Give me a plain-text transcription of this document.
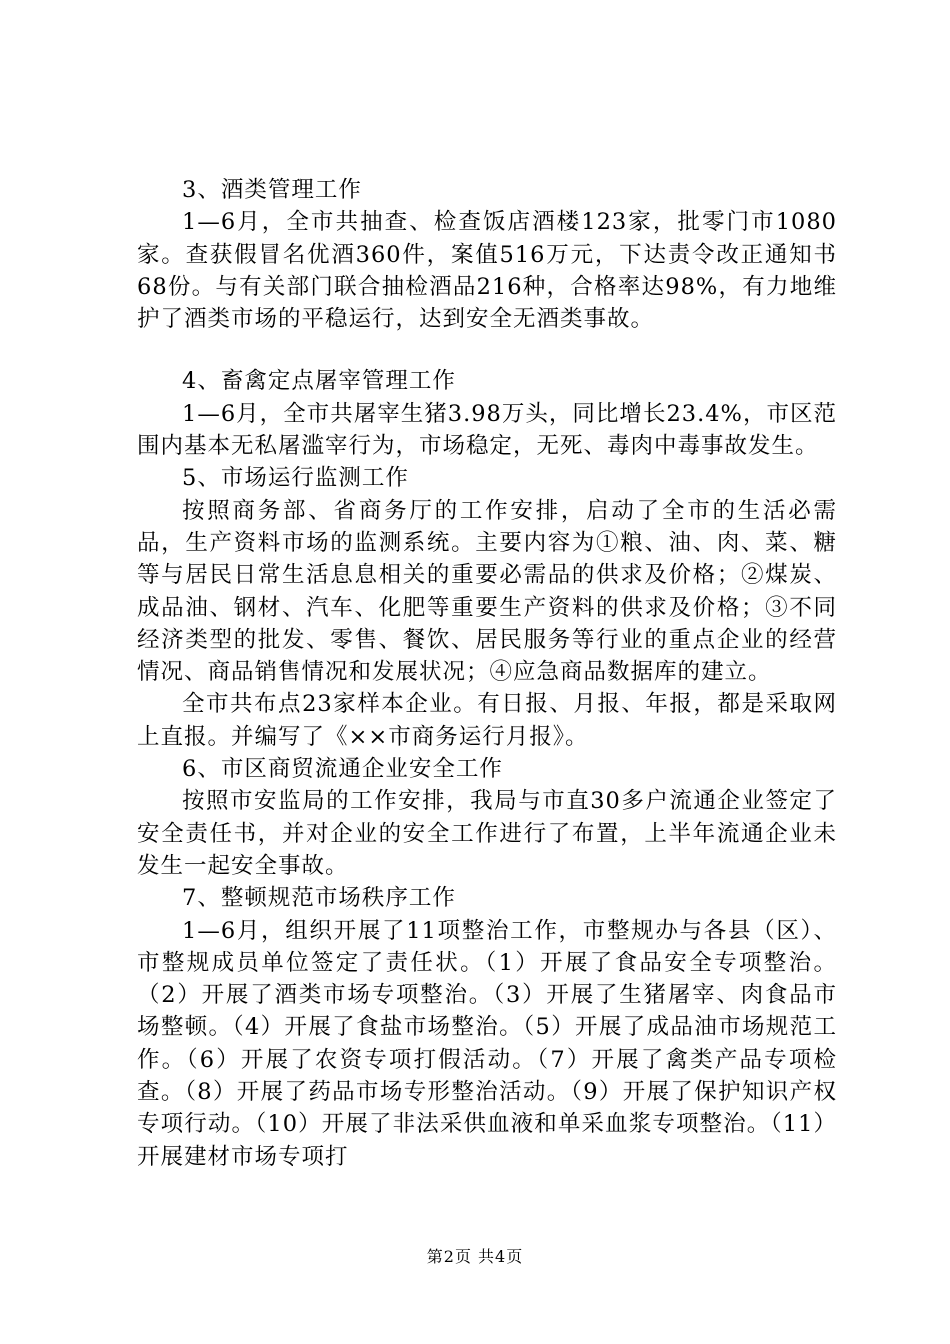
3、酒类管理工作

1—6月，全市共抽查、检查饭店酒楼123家，批零门市1080家。查获假冒名优酒360件，案值516万元，下达责令改正通知书68份。与有关部门联合抽检酒品216种，合格率达98%，有力地维护了酒类市场的平稳运行，达到安全无酒类事故。

4、畜禽定点屠宰管理工作

1—6月，全市共屠宰生猪3.98万头，同比增长23.4%，市区范围内基本无私屠滥宰行为，市场稳定，无死、毒肉中毒事故发生。

5、市场运行监测工作

按照商务部、省商务厅的工作安排，启动了全市的生活必需品，生产资料市场的监测系统。主要内容为①粮、油、肉、菜、糖等与居民日常生活息息相关的重要必需品的供求及价格；②煤炭、成品油、钢材、汽车、化肥等重要生产资料的供求及价格；③不同经济类型的批发、零售、餐饮、居民服务等行业的重点企业的经营情况、商品销售情况和发展状况；④应急商品数据库的建立。

全市共布点23家样本企业。有日报、月报、年报，都是采取网上直报。并编写了《××市商务运行月报》。

6、市区商贸流通企业安全工作

按照市安监局的工作安排，我局与市直30多户流通企业签定了安全责任书，并对企业的安全工作进行了布置，上半年流通企业未发生一起安全事故。

7、整顿规范市场秩序工作

1—6月，组织开展了11项整治工作，市整规办与各县（区）、市整规成员单位签定了责任状。（1）开展了食品安全专项整治。（2）开展了酒类市场专项整治。（3）开展了生猪屠宰、肉食品市场整顿。（4）开展了食盐市场整治。（5）开展了成品油市场规范工作。（6）开展了农资专项打假活动。（7）开展了禽类产品专项检查。（8）开展了药品市场专形整治活动。（9）开展了保护知识产权专项行动。（10）开展了非法采供血液和单采血浆专项整治。（11）开展建材市场专项打

第2页 共4页
